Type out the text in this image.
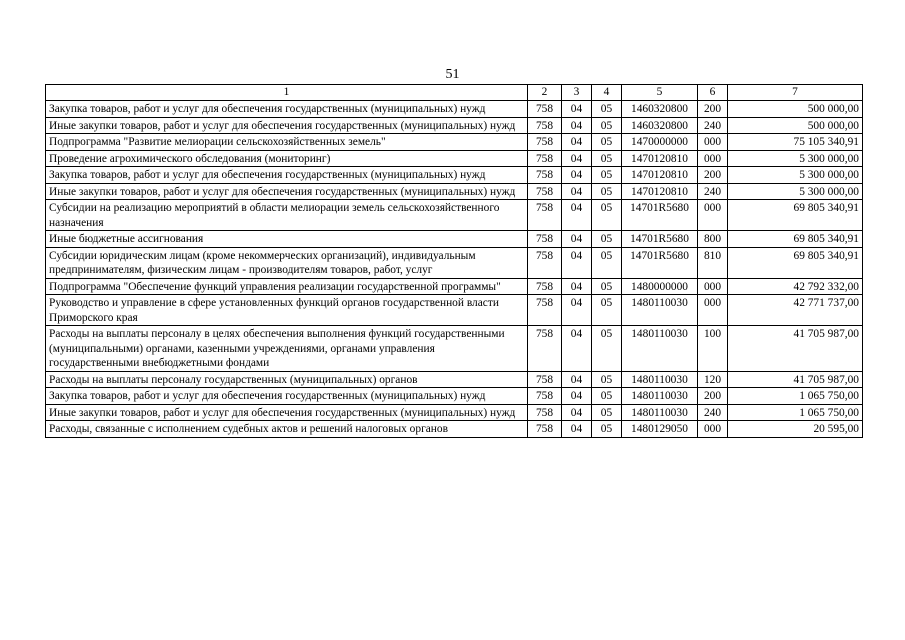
51
1	2	3	4	5	6	7
Закупка товаров, работ и услуг для обеспечения государственных (муниципальных) нужд	758	04	05	1460320800	200	500 000,00
Иные закупки товаров, работ и услуг для обеспечения государственных (муниципальных) нужд	758	04	05	1460320800	240	500 000,00
Подпрограмма "Развитие мелиорации сельскохозяйственных земель"	758	04	05	1470000000	000	75 105 340,91
Проведение агрохимического обследования (мониторинг)	758	04	05	1470120810	000	5 300 000,00
Закупка товаров, работ и услуг для обеспечения государственных (муниципальных) нужд	758	04	05	1470120810	200	5 300 000,00
Иные закупки товаров, работ и услуг для обеспечения государственных (муниципальных) нужд	758	04	05	1470120810	240	5 300 000,00
Субсидии на реализацию мероприятий в области мелиорации земель сельскохозяйственного назначения	758	04	05	14701R5680	000	69 805 340,91
Иные бюджетные ассигнования	758	04	05	14701R5680	800	69 805 340,91
Субсидии юридическим лицам (кроме некоммерческих организаций), индивидуальным предпринимателям, физическим лицам - производителям товаров, работ, услуг	758	04	05	14701R5680	810	69 805 340,91
Подпрограмма "Обеспечение функций управления реализации государственной программы"	758	04	05	1480000000	000	42 792 332,00
Руководство и управление в сфере установленных функций органов государственной власти Приморского края	758	04	05	1480110030	000	42 771 737,00
Расходы на выплаты персоналу в целях обеспечения выполнения функций государственными (муниципальными) органами, казенными учреждениями, органами управления государственными внебюджетными фондами	758	04	05	1480110030	100	41 705 987,00
Расходы на выплаты персоналу государственных (муниципальных) органов	758	04	05	1480110030	120	41 705 987,00
Закупка товаров, работ и услуг для обеспечения государственных (муниципальных) нужд	758	04	05	1480110030	200	1 065 750,00
Иные закупки товаров, работ и услуг для обеспечения государственных (муниципальных) нужд	758	04	05	1480110030	240	1 065 750,00
Расходы, связанные с исполнением судебных актов и решений налоговых органов	758	04	05	1480129050	000	20 595,00
